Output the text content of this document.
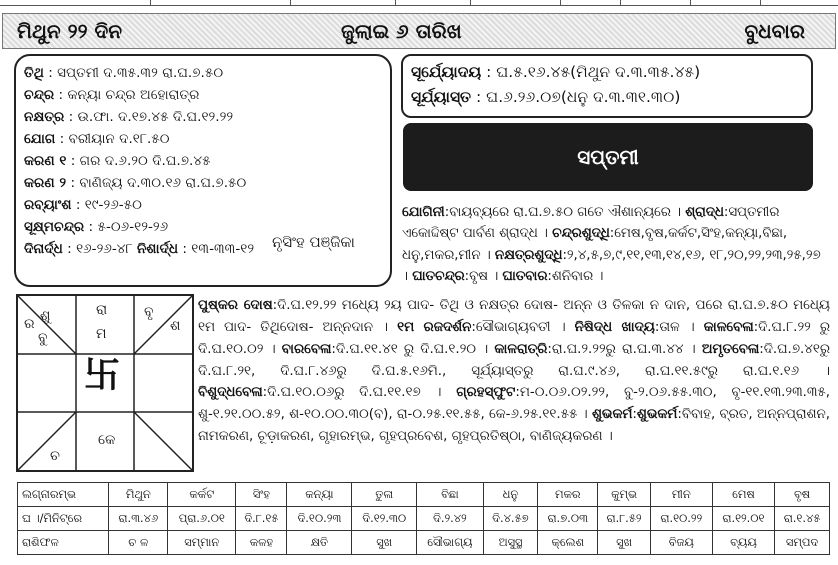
ମିଥୁନ ୨୨ ଦିନ	ଜୁଲାଇ ୬ ତାରିଖ	ବୁଧବାର
ତିଥି : ସପ୍ତମୀ ଦ.୩୫.୩୨ ରା.ଘ.୭.୫୦
ଚନ୍ଦ୍ର : କନ୍ୟା ଚନ୍ଦ୍ର ଅହୋରାତ୍ର
ନକ୍ଷତ୍ର : ଉ.ଫା. ଦ.୧୭.୪୫ ଦି.ଘ.୧୨.୨୨
ଯୋଗ : ବରୀୟାନ ଦ.୧୮.୫୦
କରଣ ୧ : ଗର ଦ.୬.୨୦ ଦି.ଘ.୭.୪୫
କରଣ ୨ : ବାଣିଜ୍ୟ ଦ.୩୦.୧୬ ରା.ଘ.୭.୫୦
ରବ୍ୟାଂଶ : ୧୯-୨୬-୫୦
ସୂକ୍ଷ୍ମଚନ୍ଦ୍ର : ୫-୦୬-୧୨-୨୬
ଦିନାର୍ଦ୍ଧ : ୧୬-୨୬-୪୮ ନିଶାର୍ଦ୍ଧ : ୧୩-୩୩-୧୨	ନୃସିଂହ ପଞ୍ଜିକା
ସୂର୍ଯ୍ୟୋଦୟ : ଘ.୫.୧୬.୪୫(ମିଥୁନ ଦ.୩.୩୫.୪୫)
ସୂର୍ଯ୍ୟାସ୍ତ : ଘ.୬.୨୬.୦୭(ଧନୁ ଦ.୩.୩୧.୩୦)
ସପ୍ତମୀ
ଯୋଗିନୀ:ବାୟବ୍ୟରେ ରା.ଘ.୭.୫୦ ଗତେ ଐଶାନ୍ୟରେ । ଶ୍ରାଦ୍ଧ:ସପ୍ତମୀର ଏକୋଦ୍ଦିଷ୍ଟ ପାର୍ବଣ ଶ୍ରାଦ୍ଧ । ଚନ୍ଦ୍ରଶୁଦ୍ଧି:ମେଷ,ବୃଷ,କର୍କଟ,ସିଂହ,କନ୍ୟା,ବିଛା, ଧନୁ,ମକର,ମୀନ । ନକ୍ଷତ୍ରଶୁଦ୍ଧି:୨,୪,୫,୭,୯,୧୧,୧୩,୧୪,୧୬, ୧୮,୨୦,୨୨,୨୩,୨୫,୨୭ । ଘାତଚନ୍ଦ୍ର:ବୃଷ । ଘାତବାର:ଶନିବାର ।
ର ଶୁ
ବୁ
ରା
ମ
ବୃ
ଶ
卐
ଚ
କେ
ପୁଷ୍କର ଦୋଷ:ଦି.ଘ.୧୨.୨୨ ମଧ୍ୟେ ୨ୟ ପାଦ- ତିଥି ଓ ନକ୍ଷତ୍ର ଦୋଷ- ଅନ୍ନ ଓ ତିଳକା ନ ଦାନ, ପରେ ରା.ଘ.୭.୫୦ ମଧ୍ୟେ ୧ମ ପାଦ- ତିଥିଦୋଷ- ଅନ୍ନଦାନ । ୧ମ ରଜଦର୍ଶନ:ସୌଭାଗ୍ୟବତୀ । ନିଷିଦ୍ଧ ଖାଦ୍ୟ:ତାଳ । କାଳବେଳା:ଦି.ଘ.୮.୨୨ ରୁ ଦି.ଘ.୧୦.୦୨ । ବାରବେଳା:ଦି.ଘ.୧୧.୪୧ ରୁ ଦି.ଘ.୧.୨୦ । କାଳରାତ୍ରି:ରା.ଘ.୨.୨୨ରୁ ରା.ଘ.୩.୪୪ । ଅମୃତବେଳା:ଦି.ଘ.୭.୪୧ରୁ ଦି.ଘ.୮.୨୧, ଦି.ଘ.୮.୪୬ରୁ ଦି.ଘ.୫.୧୬ମି., ସୂର୍ଯ୍ୟାସ୍ତରୁ ରା.ଘ.୯.୪୬, ରା.ଘ.୧୧.୫୯ରୁ ରା.ଘ.୧.୧୬ । ବିଶୁଦ୍ଧବେଳା:ଦି.ଘ.୧୦.୦୬ରୁ ଦି.ଘ.୧୧.୧୭ । ଗ୍ରହସ୍ଫୁଟ:ମ-୦.୦୬.୦୨.୨୨, ବୁ-୨.୦୬.୫୫.୩୦, ବୃ-୧୧.୧୩.୨୩.୩୫, ଶୁ-୧.୨୧.୦୦.୫୨, ଶ-୧୦.୦୦.୩୦(ବ), ରା-୦.୨୫.୧୧.୫୫, କେ-୬.୨୫.୧୧.୫୫ । ଶୁଭକର୍ମ:ଶୁଭକର୍ମ:ବିବାହ, ବ୍ରତ, ଅନ୍ନପ୍ରାଶନ, ନାମକରଣ, ଚୂଡ଼ାକରଣ, ଗୃହାରମ୍ଭ, ଗୃହପ୍ରବେଶ, ଗୃହପ୍ରତିଷ୍ଠା, ବାଣିଜ୍ୟକରଣ ।
ଲଗ୍ନାରମ୍ଭ	ମିଥୁନ	କର୍କଟ	ସିଂହ	କନ୍ୟା	ତୁଳା	ବିଛା	ଧନୁ	ମକର	କୁମ୍ଭ	ମୀନ	ମେଷ	ବୃଷ
ଘ ।/ମିନିଟ୍‌ରେ	ରା.୩.୪୬	ପ୍ରା.୬.୦୧	ଦି.୮.୧୫	ଦି.୧୦.୨୩	ଦି.୧୨.୩୦	ଦି.୨.୪୨	ଦି.୪.୫୭	ରା.୭.୦୩	ରା.୮.୫୨	ରା.୧୦.୨୨	ରା.୧୨.୦୧	ରା.୧.୪୫
ରାଶିଫଳ	ଚ ଳ	ସମ୍ମାନ	କଳହ	କ୍ଷତି	ସୁଖ	ସୌଭାଗ୍ୟ	ଅସୁସ୍ଥ	କ୍ଲେଶ	ସୁଖ	ବିଜୟ	ବ୍ୟୟ	ସମ୍ପଦ
